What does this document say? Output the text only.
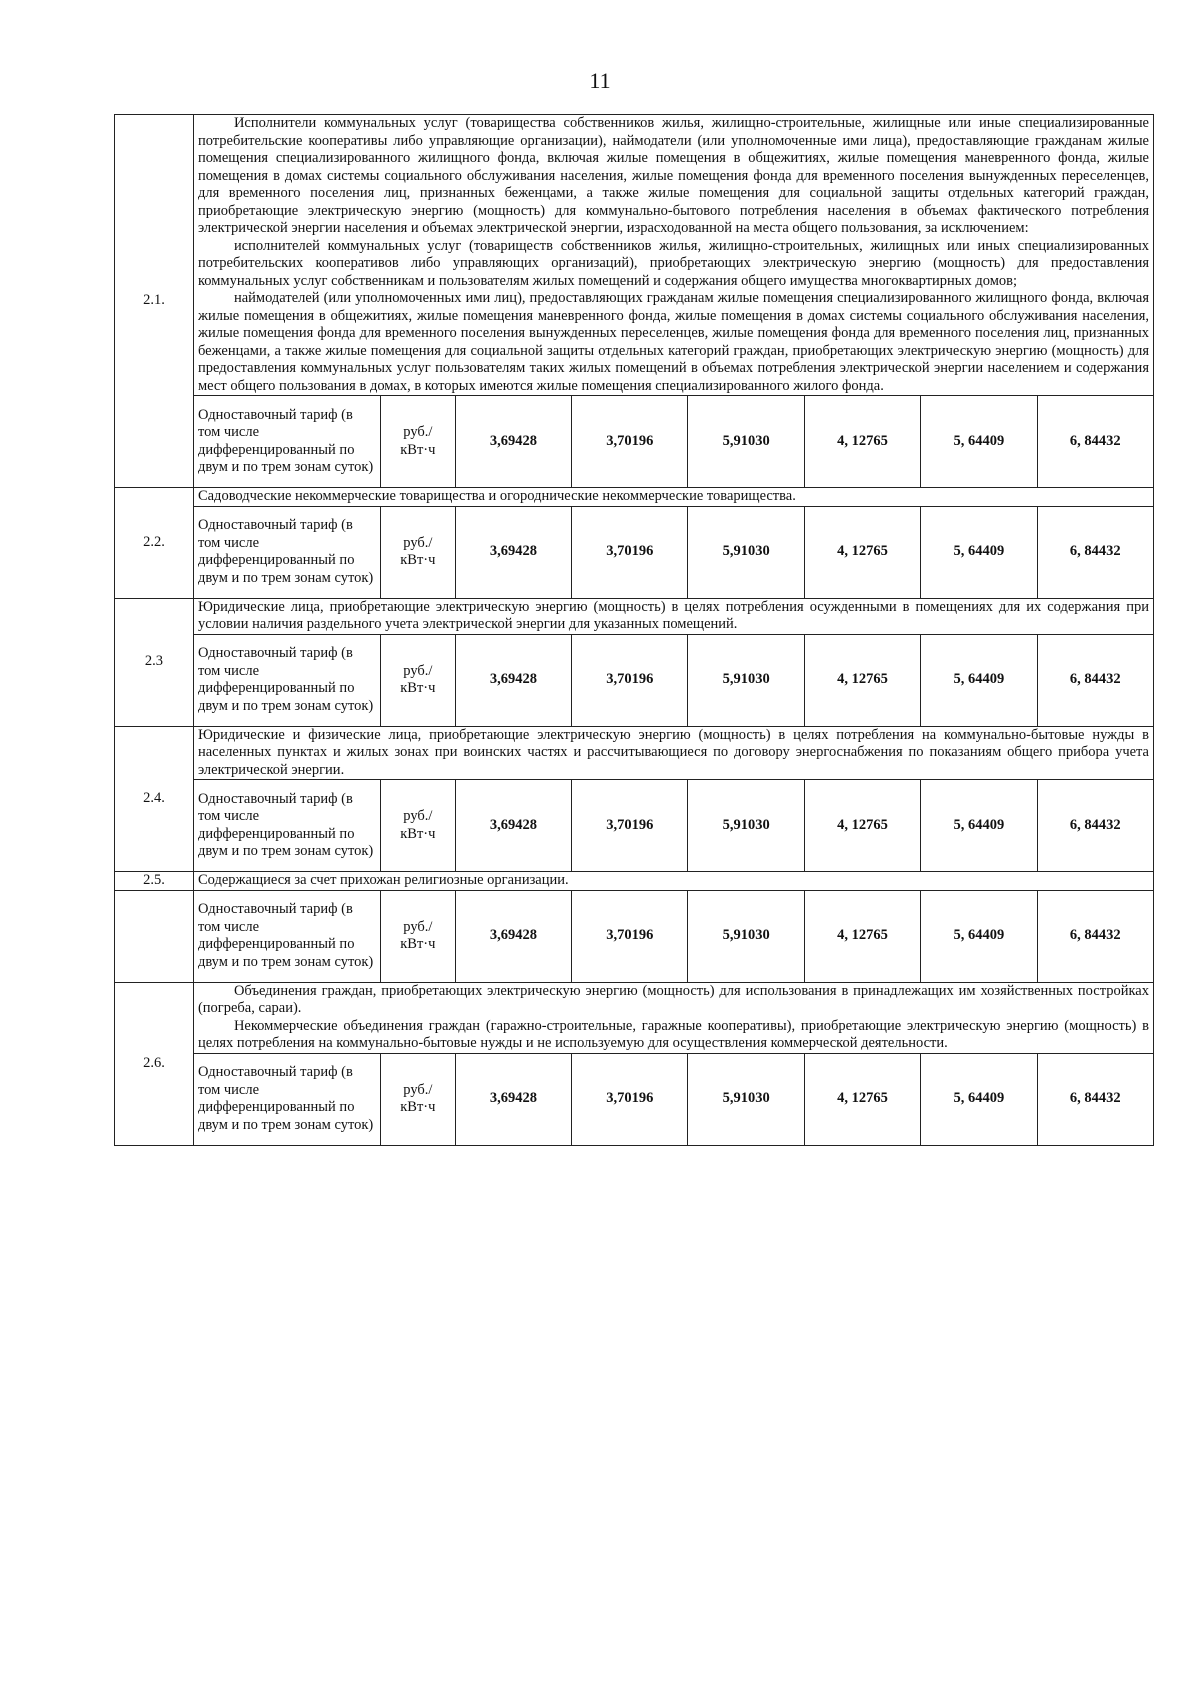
11
2.1.	Исполнители коммунальных услуг (товарищества собственников жилья, жилищно-строительные, жилищные или иные специализированные потребительские кооперативы либо управляющие организации), наймодатели (или уполномоченные ими лица), предоставляющие гражданам жилые помещения специализированного жилищного фонда, включая жилые помещения в общежитиях, жилые помещения маневренного фонда, жилые помещения в домах системы социального обслуживания населения, жилые помещения фонда для временного поселения вынужденных переселенцев, для временного поселения лиц, признанных беженцами, а также жилые помещения для социальной защиты отдельных категорий граждан, приобретающие электрическую энергию (мощность) для коммунально-бытового потребления населения в объемах фактического потребления электрической энергии населения и объемах электрической энергии, израсходованной на места общего пользования, за исключением:

исполнителей коммунальных услуг (товариществ собственников жилья, жилищно-строительных, жилищных или иных специализированных потребительских кооперативов либо управляющих организаций), приобретающих электрическую энергию (мощность) для предоставления коммунальных услуг собственникам и пользователям жилых помещений и содержания общего имущества многоквартирных домов;

наймодателей (или уполномоченных ими лиц), предоставляющих гражданам жилые помещения специализированного жилищного фонда, включая жилые помещения в общежитиях, жилые помещения маневренного фонда, жилые помещения в домах системы социального обслуживания населения, жилые помещения фонда для временного поселения вынужденных переселенцев, жилые помещения фонда для временного поселения лиц, признанных беженцами, а также жилые помещения для социальной защиты отдельных категорий граждан, приобретающих электрическую энергию (мощность) для предоставления коммунальных услуг пользователям таких жилых помещений в объемах потребления электрической энергии населением и содержания мест общего пользования в домах, в которых имеются жилые помещения специализированного жилого фонда.							

	Одноставочный тариф (в том числе дифференцированный по двум и по трем зонам суток)	руб./ кВт·ч	3,69428	3,70196	5,91030	4, 12765	5, 64409	6, 84432
2.2.	Садоводческие некоммерческие товарищества и огороднические некоммерческие товарищества.							

	Одноставочный тариф (в том числе дифференцированный по двум и по трем зонам суток)	руб./ кВт·ч	3,69428	3,70196	5,91030	4, 12765	5, 64409	6, 84432
2.3	Юридические лица, приобретающие электрическую энергию (мощность) в целях потребления осужденными в помещениях для их содержания при условии наличия раздельного учета электрической энергии для указанных помещений.							

	Одноставочный тариф (в том числе дифференцированный по двум и по трем зонам суток)	руб./ кВт·ч	3,69428	3,70196	5,91030	4, 12765	5, 64409	6, 84432
2.4.	Юридические и физические лица, приобретающие электрическую энергию (мощность) в целях потребления на коммунально-бытовые нужды в населенных пунктах и жилых зонах при воинских частях и рассчитывающиеся по договору энергоснабжения по показаниям общего прибора учета электрической энергии.							

	Одноставочный тариф (в том числе дифференцированный по двум и по трем зонам суток)	руб./ кВт·ч	3,69428	3,70196	5,91030	4, 12765	5, 64409	6, 84432
2.5.	Содержащиеся за счет прихожан религиозные организации.							

	Одноставочный тариф (в том числе дифференцированный по двум и по трем зонам суток)	руб./ кВт·ч	3,69428	3,70196	5,91030	4, 12765	5, 64409	6, 84432
2.6.	Объединения граждан, приобретающих электрическую энергию (мощность) для использования в принадлежащих им хозяйственных постройках (погреба, сараи).

Некоммерческие объединения граждан (гаражно-строительные, гаражные кооперативы), приобретающие электрическую энергию (мощность) в целях потребления на коммунально-бытовые нужды и не используемую для осуществления коммерческой деятельности.							

	Одноставочный тариф (в том числе дифференцированный по двум и по трем зонам суток)	руб./ кВт·ч	3,69428	3,70196	5,91030	4, 12765	5, 64409	6, 84432
